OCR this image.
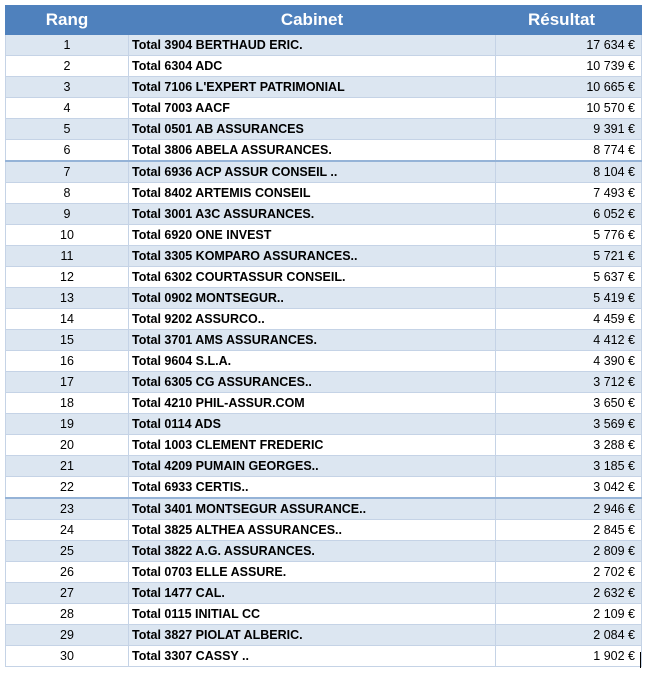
Rang	Cabinet	Résultat
1	Total 3904 BERTHAUD ERIC.	17 634 €
2	Total 6304 ADC	10 739 €
3	Total 7106 L'EXPERT PATRIMONIAL	10 665 €
4	Total 7003 AACF	10 570 €
5	Total 0501 AB ASSURANCES	9 391 €
6	Total 3806 ABELA ASSURANCES.	8 774 €
7	Total 6936 ACP ASSUR CONSEIL ..	8 104 €
8	Total 8402 ARTEMIS CONSEIL	7 493 €
9	Total 3001 A3C ASSURANCES.	6 052 €
10	Total 6920 ONE INVEST	5 776 €
11	Total 3305 KOMPARO ASSURANCES..	5 721 €
12	Total 6302 COURTASSUR CONSEIL.	5 637 €
13	Total 0902 MONTSEGUR..	5 419 €
14	Total 9202 ASSURCO..	4 459 €
15	Total 3701 AMS ASSURANCES.	4 412 €
16	Total 9604 S.L.A.	4 390 €
17	Total 6305 CG ASSURANCES..	3 712 €
18	Total 4210 PHIL-ASSUR.COM	3 650 €
19	Total 0114 ADS	3 569 €
20	Total 1003 CLEMENT FREDERIC	3 288 €
21	Total 4209 PUMAIN GEORGES..	3 185 €
22	Total 6933 CERTIS..	3 042 €
23	Total 3401 MONTSEGUR ASSURANCE..	2 946 €
24	Total 3825 ALTHEA ASSURANCES..	2 845 €
25	Total 3822 A.G. ASSURANCES.	2 809 €
26	Total 0703 ELLE ASSURE.	2 702 €
27	Total 1477 CAL.	2 632 €
28	Total 0115 INITIAL CC	2 109 €
29	Total 3827 PIOLAT ALBERIC.	2 084 €
30	Total 3307 CASSY ..	1 902 €
